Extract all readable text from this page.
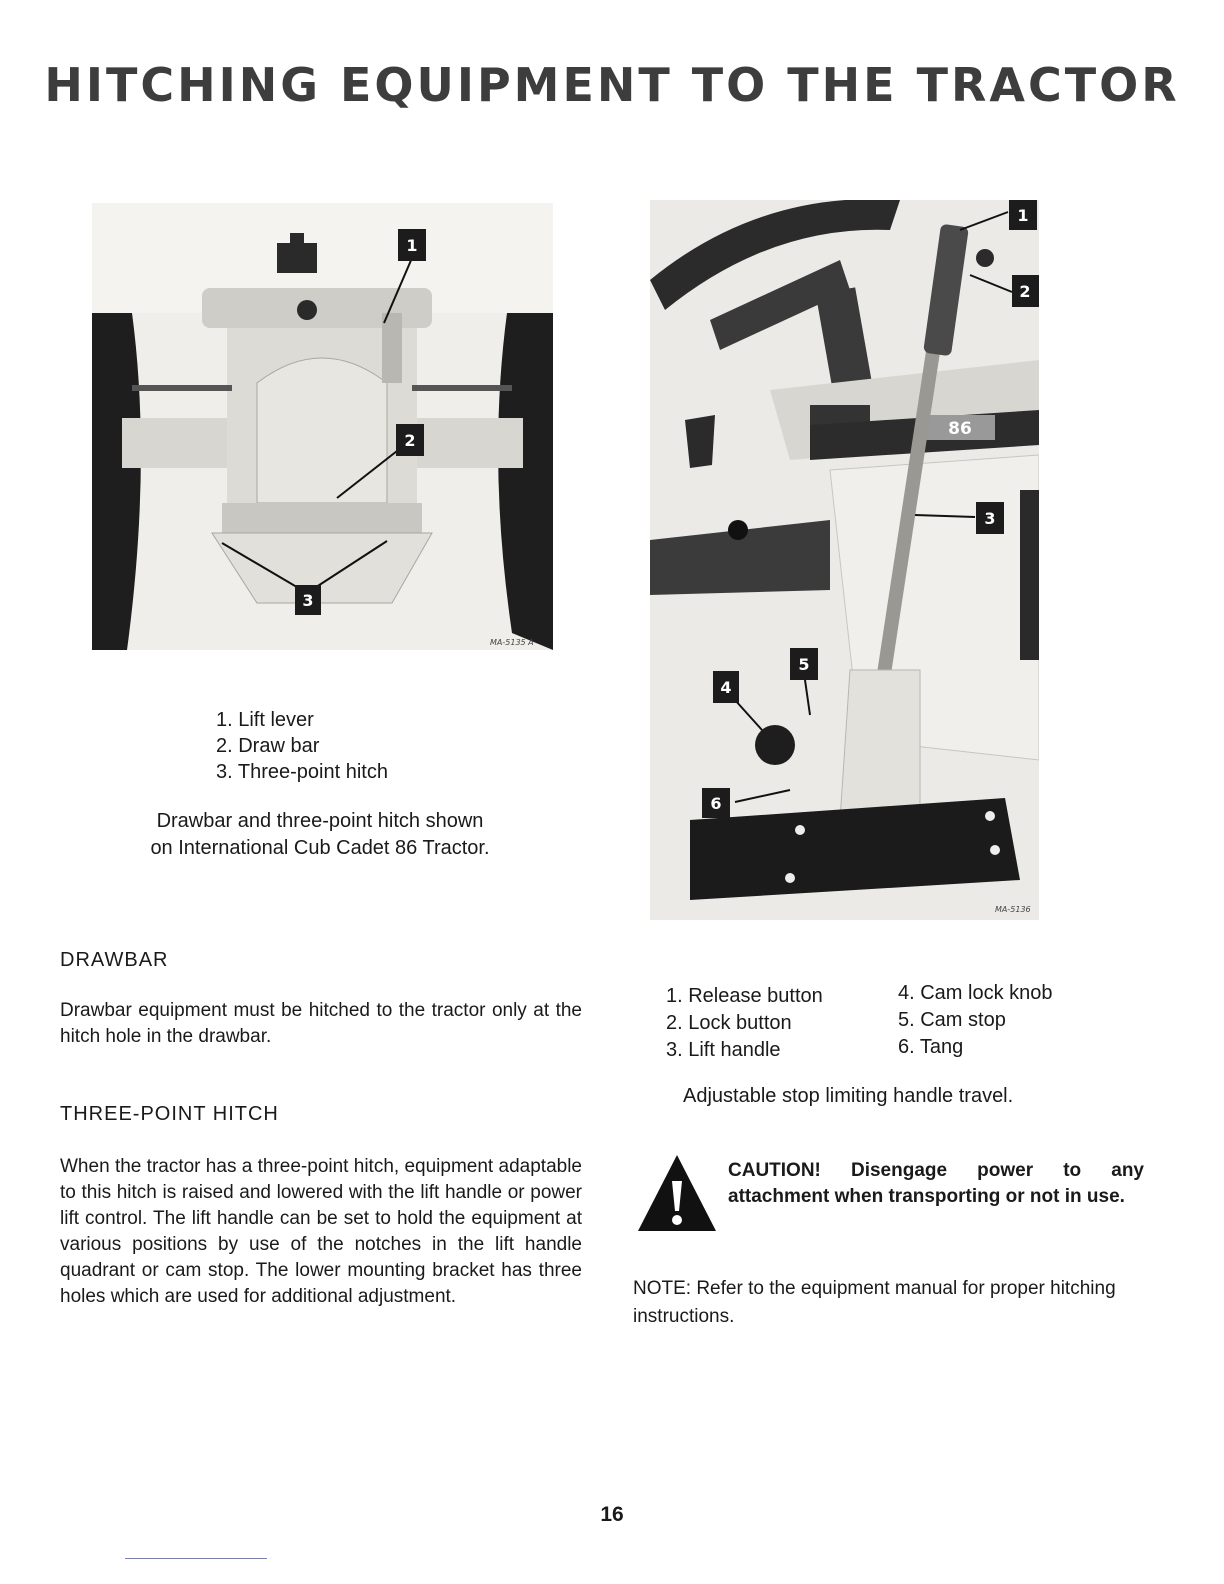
HITCHING EQUIPMENT TO THE TRACTOR
1
2
3
MA-5135 A
86
1
2
3
4
5
6
MA-5136
1. Lift lever
2. Draw bar
3. Three-point hitch
Drawbar and three-point hitch shown
on International Cub Cadet 86 Tractor.
1. Release button
2. Lock button
3. Lift handle
4. Cam lock knob
5. Cam stop
6. Tang
Adjustable stop limiting handle travel.
DRAWBAR
Drawbar equipment must be hitched to the tractor only at the hitch hole in the drawbar.
THREE-POINT HITCH
When the tractor has a three-point hitch, equipment adaptable to this hitch is raised and lowered with the lift handle or power lift control. The lift handle can be set to hold the equipment at various positions by use of the notches in the lift handle quadrant or cam stop. The lower mounting bracket has three holes which are used for additional adjustment.
CAUTION! Disengage power to any attachment when transporting or not in use.
NOTE: Refer to the equipment manual for proper hitching instructions.
16
